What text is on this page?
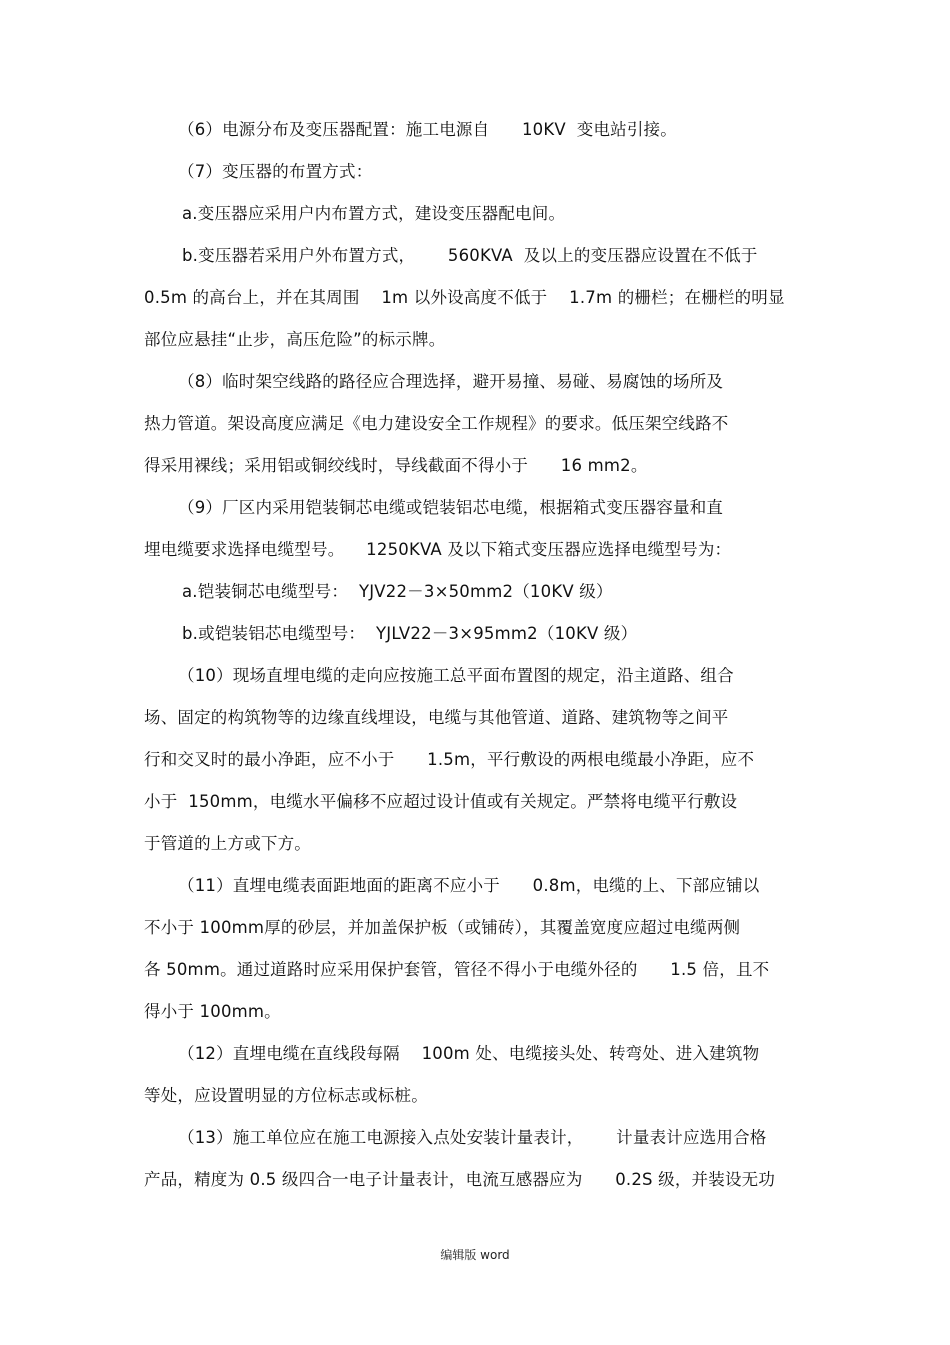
（6）电源分布及变压器配置：施工电源自      10KV  变电站引接。
（7）变压器的布置方式：
a.变压器应采用户内布置方式，建设变压器配电间。
b.变压器若采用户外布置方式，      560KVA  及以上的变压器应设置在不低于
0.5m 的高台上，并在其周围    1m 以外设高度不低于    1.7m 的栅栏；在栅栏的明显
部位应悬挂“止步，高压危险”的标示牌。
（8）临时架空线路的路径应合理选择，避开易撞、易碰、易腐蚀的场所及
热力管道。架设高度应满足《电力建设安全工作规程》的要求。低压架空线路不
得采用裸线；采用铝或铜绞线时，导线截面不得小于      16 mm2。
（9）厂区内采用铠装铜芯电缆或铠装铝芯电缆，根据箱式变压器容量和直
埋电缆要求选择电缆型号。    1250KVA 及以下箱式变压器应选择电缆型号为：
a.铠装铜芯电缆型号：  YJV22－3×50mm2（10KV 级）
b.或铠装铝芯电缆型号：  YJLV22－3×95mm2（10KV 级）
（10）现场直埋电缆的走向应按施工总平面布置图的规定，沿主道路、组合
场、固定的构筑物等的边缘直线埋设，电缆与其他管道、道路、建筑物等之间平
行和交叉时的最小净距，应不小于      1.5m，平行敷设的两根电缆最小净距，应不
小于  150mm，电缆水平偏移不应超过设计值或有关规定。严禁将电缆平行敷设
于管道的上方或下方。
（11）直埋电缆表面距地面的距离不应小于      0.8m，电缆的上、下部应铺以
不小于 100mm厚的砂层，并加盖保护板（或铺砖），其覆盖宽度应超过电缆两侧
各 50mm。通过道路时应采用保护套管，管径不得小于电缆外径的      1.5 倍，且不
得小于 100mm。
（12）直埋电缆在直线段每隔    100m 处、电缆接头处、转弯处、进入建筑物
等处，应设置明显的方位标志或标桩。
（13）施工单位应在施工电源接入点处安装计量表计，      计量表计应选用合格
产品，精度为 0.5 级四合一电子计量表计，电流互感器应为      0.2S 级，并装设无功
编辑版 word
